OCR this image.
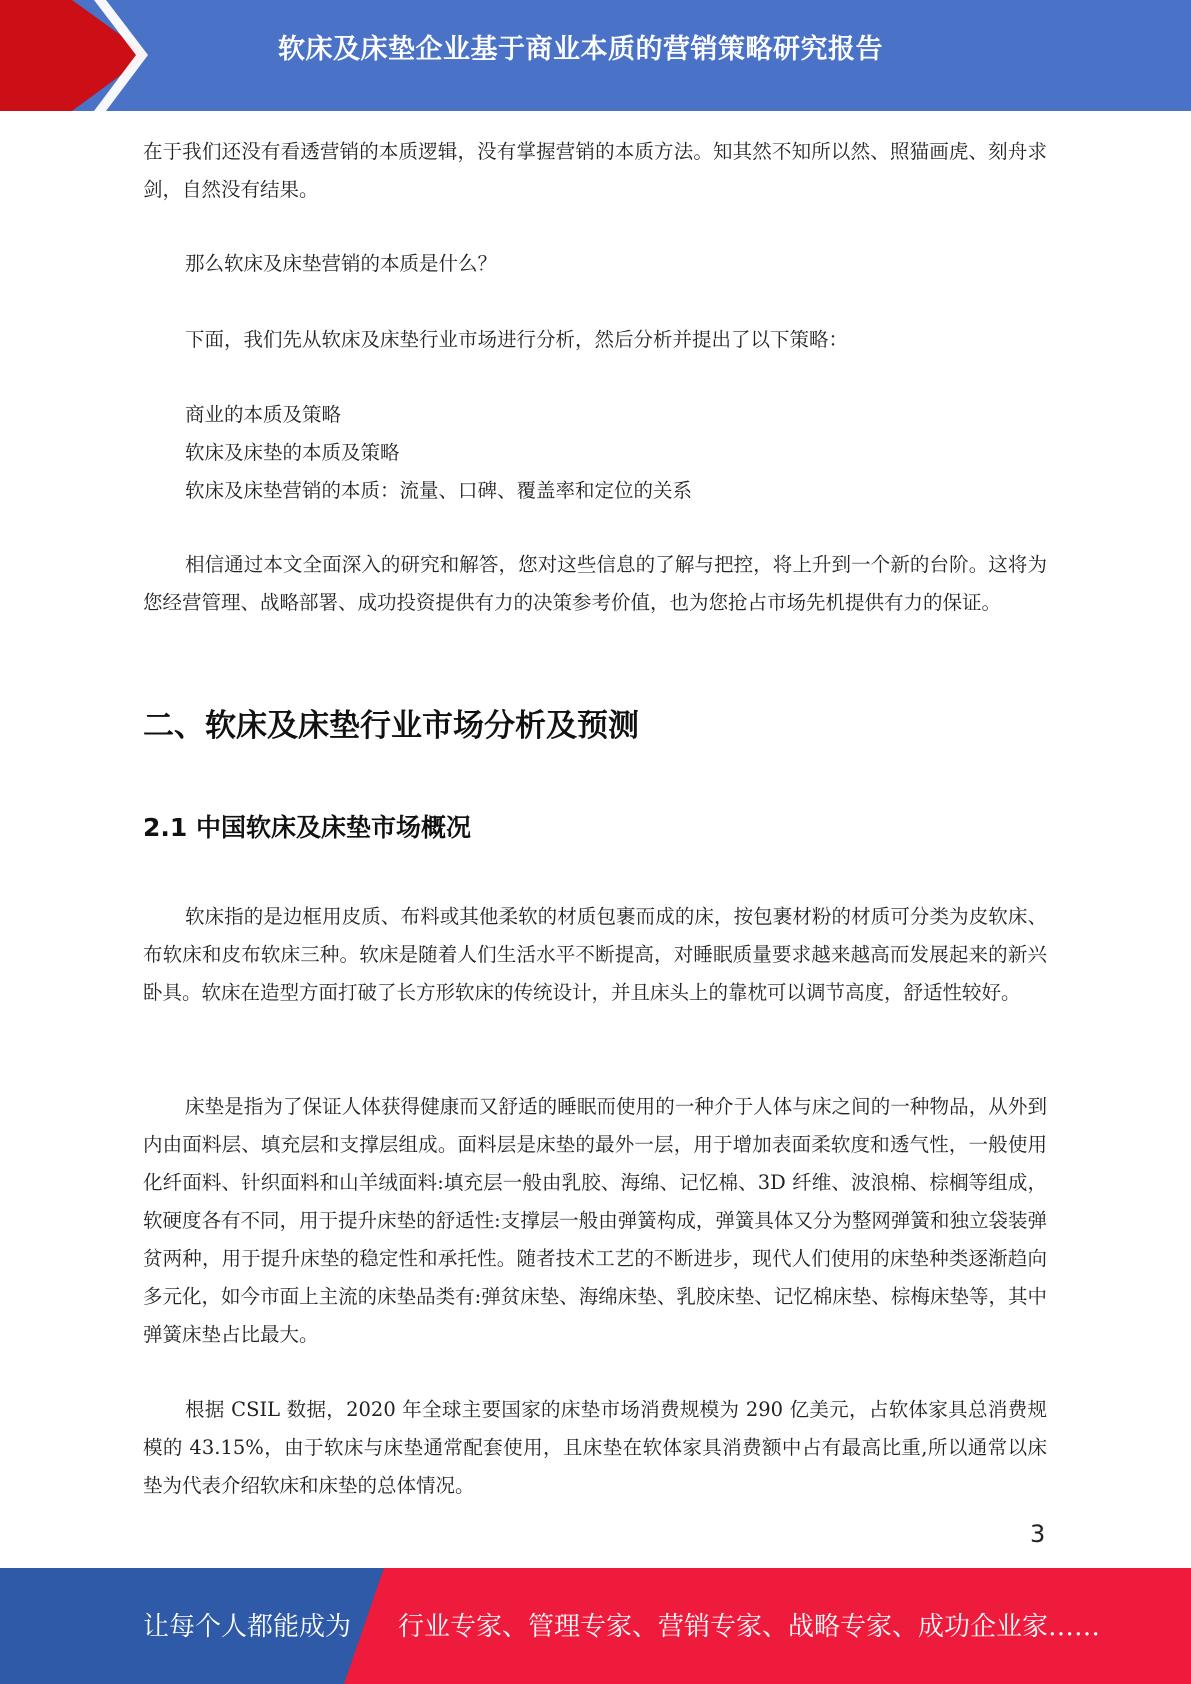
软床及床垫企业基于商业本质的营销策略研究报告

在于我们还没有看透营销的本质逻辑，没有掌握营销的本质方法。知其然不知所以然、照猫画虎、刻舟求剑，自然没有结果。

那么软床及床垫营销的本质是什么？

下面，我们先从软床及床垫行业市场进行分析，然后分析并提出了以下策略：

商业的本质及策略

软床及床垫的本质及策略

软床及床垫营销的本质：流量、口碑、覆盖率和定位的关系

相信通过本文全面深入的研究和解答，您对这些信息的了解与把控，将上升到一个新的台阶。这将为您经营管理、战略部署、成功投资提供有力的决策参考价值，也为您抢占市场先机提供有力的保证。

二、软床及床垫行业市场分析及预测
2.1 中国软床及床垫市场概况

软床指的是边框用皮质、布料或其他柔软的材质包裹而成的床，按包裹材粉的材质可分类为皮软床、布软床和皮布软床三种。软床是随着人们生活水平不断提高，对睡眠质量要求越来越高而发展起来的新兴卧具。软床在造型方面打破了长方形软床的传统设计，并且床头上的靠枕可以调节高度，舒适性较好。

床垫是指为了保证人体获得健康而又舒适的睡眠而使用的一种介于人体与床之间的一种物品，从外到内由面料层、填充层和支撑层组成。面料层是床垫的最外一层，用于增加表面柔软度和透气性，一般使用化纤面料、针织面料和山羊绒面料:填充层一般由乳胶、海绵、记忆棉、3D 纤维、波浪棉、棕榈等组成，软硬度各有不同，用于提升床垫的舒适性:支撑层一般由弹簧构成，弹簧具体又分为整网弹簧和独立袋装弹贫两种，用于提升床垫的稳定性和承托性。随者技术工艺的不断进步，现代人们使用的床垫种类逐渐趋向多元化，如今市面上主流的床垫品类有:弹贫床垫、海绵床垫、乳胶床垫、记忆棉床垫、棕梅床垫等，其中弹簧床垫占比最大。

根据 CSIL 数据，2020 年全球主要国家的床垫市场消费规模为 290 亿美元，占软体家具总消费规模的 43.15%，由于软床与床垫通常配套使用，且床垫在软体家具消费额中占有最高比重,所以通常以床垫为代表介绍软床和床垫的总体情况。

3
让每个人都能成为 行业专家、管理专家、营销专家、战略专家、成功企业家……
